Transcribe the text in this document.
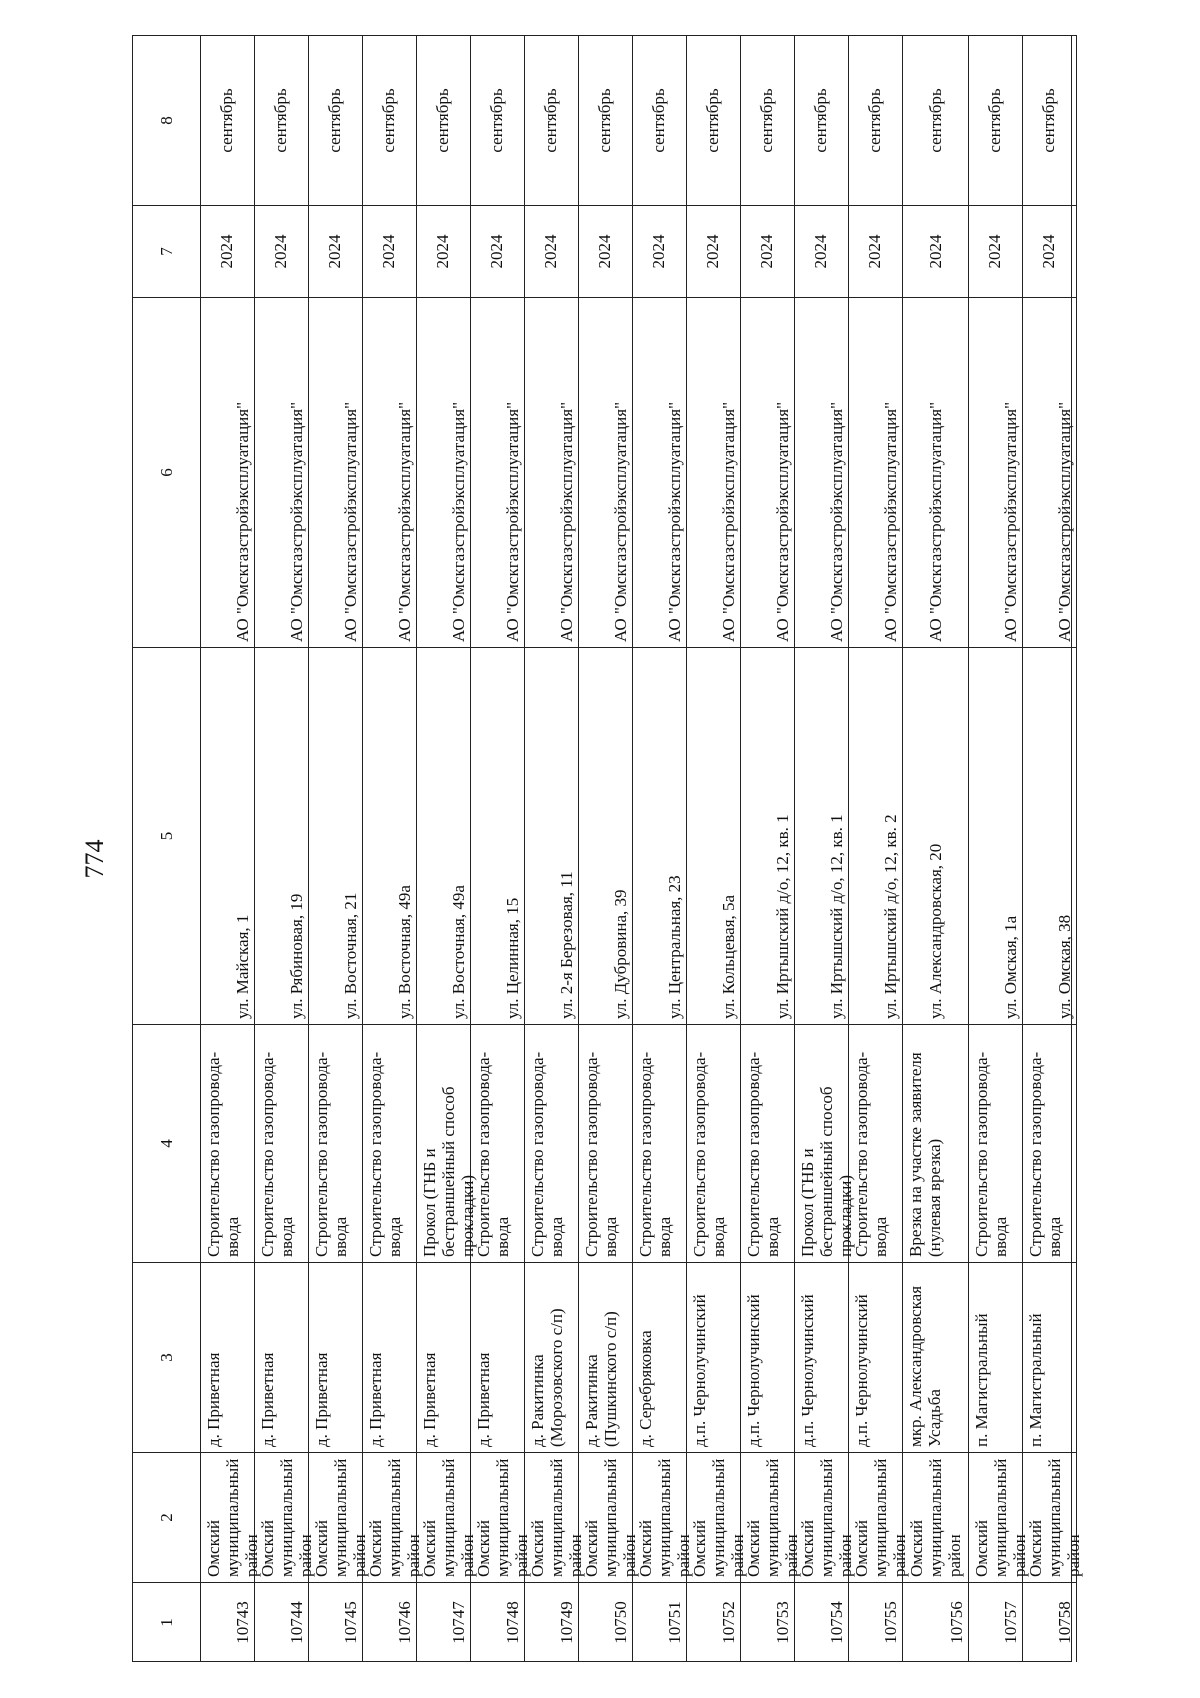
774
1
2
3
4
5
6
7
8
10743
Омский муниципальный район
д. Приветная
Строительство газопровода-ввода
ул. Майская, 1
АО "Омскгазстройэксплуатация"
2024
сентябрь
10744
Омский муниципальный район
д. Приветная
Строительство газопровода-ввода
ул. Рябиновая, 19
АО "Омскгазстройэксплуатация"
2024
сентябрь
10745
Омский муниципальный район
д. Приветная
Строительство газопровода-ввода
ул. Восточная, 21
АО "Омскгазстройэксплуатация"
2024
сентябрь
10746
Омский муниципальный район
д. Приветная
Строительство газопровода-ввода
ул. Восточная, 49а
АО "Омскгазстройэксплуатация"
2024
сентябрь
10747
Омский муниципальный район
д. Приветная
Прокол (ГНБ и бестраншейный способ прокладки)
ул. Восточная, 49а
АО "Омскгазстройэксплуатация"
2024
сентябрь
10748
Омский муниципальный район
д. Приветная
Строительство газопровода-ввода
ул. Целинная, 15
АО "Омскгазстройэксплуатация"
2024
сентябрь
10749
Омский муниципальный район
д. Ракитинка (Морозовского с/п)
Строительство газопровода-ввода
ул. 2-я Березовая, 11
АО "Омскгазстройэксплуатация"
2024
сентябрь
10750
Омский муниципальный район
д. Ракитинка (Пушкинского с/п)
Строительство газопровода-ввода
ул. Дубровина, 39
АО "Омскгазстройэксплуатация"
2024
сентябрь
10751
Омский муниципальный район
д. Серебряковка
Строительство газопровода-ввода
ул. Центральная, 23
АО "Омскгазстройэксплуатация"
2024
сентябрь
10752
Омский муниципальный район
д.п. Чернолучинский
Строительство газопровода-ввода
ул. Кольцевая, 5а
АО "Омскгазстройэксплуатация"
2024
сентябрь
10753
Омский муниципальный район
д.п. Чернолучинский
Строительство газопровода-ввода
ул. Иртышский д/о, 12, кв. 1
АО "Омскгазстройэксплуатация"
2024
сентябрь
10754
Омский муниципальный район
д.п. Чернолучинский
Прокол (ГНБ и бестраншейный способ прокладки)
ул. Иртышский д/о, 12, кв. 1
АО "Омскгазстройэксплуатация"
2024
сентябрь
10755
Омский муниципальный район
д.п. Чернолучинский
Строительство газопровода-ввода
ул. Иртышский д/о, 12, кв. 2
АО "Омскгазстройэксплуатация"
2024
сентябрь
10756
Омский муниципальный район
мкр. Александровская Усадьба
Врезка на участке заявителя (нулевая врезка)
ул. Александровская, 20
АО "Омскгазстройэксплуатация"
2024
сентябрь
10757
Омский муниципальный район
п. Магистральный
Строительство газопровода-ввода
ул. Омская, 1а
АО "Омскгазстройэксплуатация"
2024
сентябрь
10758
Омский муниципальный район
п. Магистральный
Строительство газопровода-ввода
ул. Омская, 38
АО "Омскгазстройэксплуатация"
2024
сентябрь
